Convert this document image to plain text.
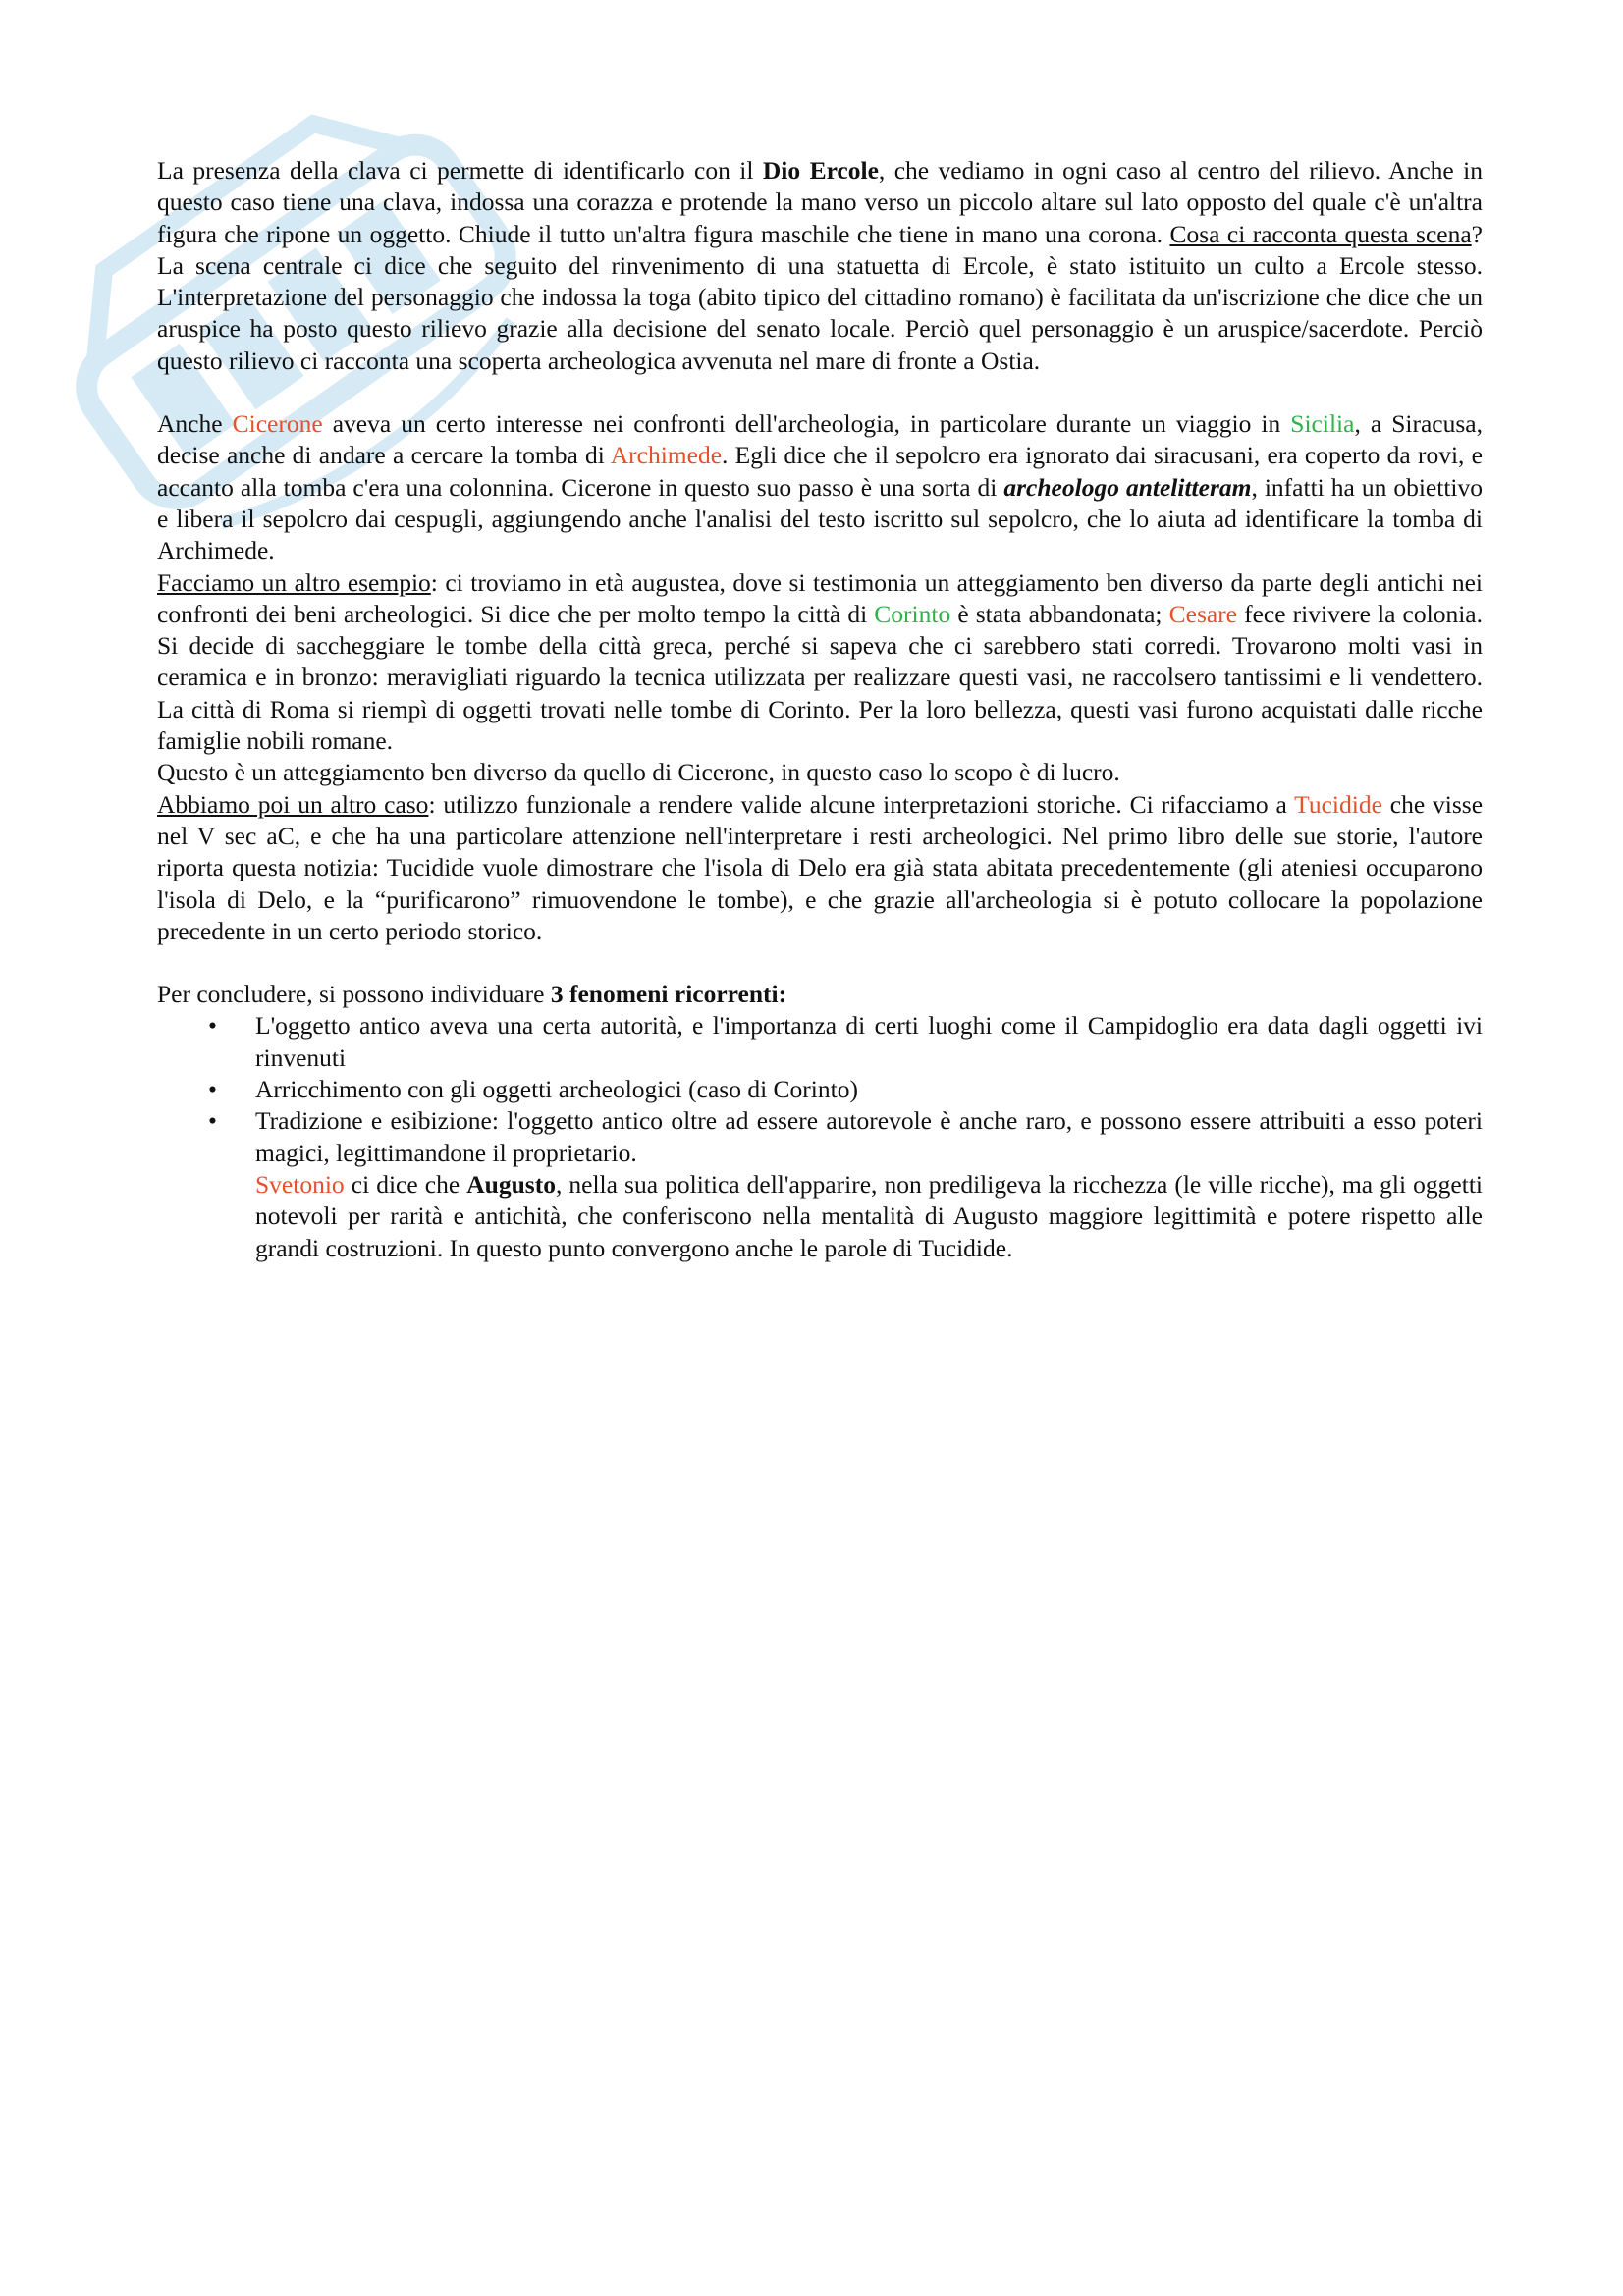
La presenza della clava ci permette di identificarlo con il Dio Ercole, che vediamo in ogni caso al centro del rilievo. Anche in questo caso tiene una clava, indossa una corazza e protende la mano verso un piccolo altare sul lato opposto del quale c'è un'altra figura che ripone un oggetto. Chiude il tutto un'altra figura maschile che tiene in mano una corona. Cosa ci racconta questa scena? La scena centrale ci dice che seguito del rinvenimento di una statuetta di Ercole, è stato istituito un culto a Ercole stesso. L'interpretazione del personaggio che indossa la toga (abito tipico del cittadino romano) è facilitata da un'iscrizione che dice che un aruspice ha posto questo rilievo grazie alla decisione del senato locale. Perciò quel personaggio è un aruspice/sacerdote. Perciò questo rilievo ci racconta una scoperta archeologica avvenuta nel mare di fronte a Ostia.

Anche Cicerone aveva un certo interesse nei confronti dell'archeologia, in particolare durante un viaggio in Sicilia, a Siracusa, decise anche di andare a cercare la tomba di Archimede. Egli dice che il sepolcro era ignorato dai siracusani, era coperto da rovi, e accanto alla tomba c'era una colonnina. Cicerone in questo suo passo è una sorta di archeologo antelitteram, infatti ha un obiettivo e libera il sepolcro dai cespugli, aggiungendo anche l'analisi del testo iscritto sul sepolcro, che lo aiuta ad identificare la tomba di Archimede.

Facciamo un altro esempio: ci troviamo in età augustea, dove si testimonia un atteggiamento ben diverso da parte degli antichi nei confronti dei beni archeologici. Si dice che per molto tempo la città di Corinto è stata abbandonata; Cesare fece rivivere la colonia. Si decide di saccheggiare le tombe della città greca, perché si sapeva che ci sarebbero stati corredi. Trovarono molti vasi in ceramica e in bronzo: meravigliati riguardo la tecnica utilizzata per realizzare questi vasi, ne raccolsero tantissimi e li vendettero. La città di Roma si riempì di oggetti trovati nelle tombe di Corinto. Per la loro bellezza, questi vasi furono acquistati dalle ricche famiglie nobili romane.

Questo è un atteggiamento ben diverso da quello di Cicerone, in questo caso lo scopo è di lucro.

Abbiamo poi un altro caso: utilizzo funzionale a rendere valide alcune interpretazioni storiche. Ci rifacciamo a Tucidide che visse nel V sec aC, e che ha una particolare attenzione nell'interpretare i resti archeologici. Nel primo libro delle sue storie, l'autore riporta questa notizia: Tucidide vuole dimostrare che l'isola di Delo era già stata abitata precedentemente (gli ateniesi occuparono l'isola di Delo, e la “purificarono” rimuovendone le tombe), e che grazie all'archeologia si è potuto collocare la popolazione precedente in un certo periodo storico.

Per concludere, si possono individuare 3 fenomeni ricorrenti:

• L'oggetto antico aveva una certa autorità, e l'importanza di certi luoghi come il Campidoglio era data dagli oggetti ivi rinvenuti
• Arricchimento con gli oggetti archeologici (caso di Corinto)
• Tradizione e esibizione: l'oggetto antico oltre ad essere autorevole è anche raro, e possono essere attribuiti a esso poteri magici, legittimandone il proprietario.
Svetonio ci dice che Augusto, nella sua politica dell'apparire, non prediligeva la ricchezza (le ville ricche), ma gli oggetti notevoli per rarità e antichità, che conferiscono nella mentalità di Augusto maggiore legittimità e potere rispetto alle grandi costruzioni. In questo punto convergono anche le parole di Tucidide.
